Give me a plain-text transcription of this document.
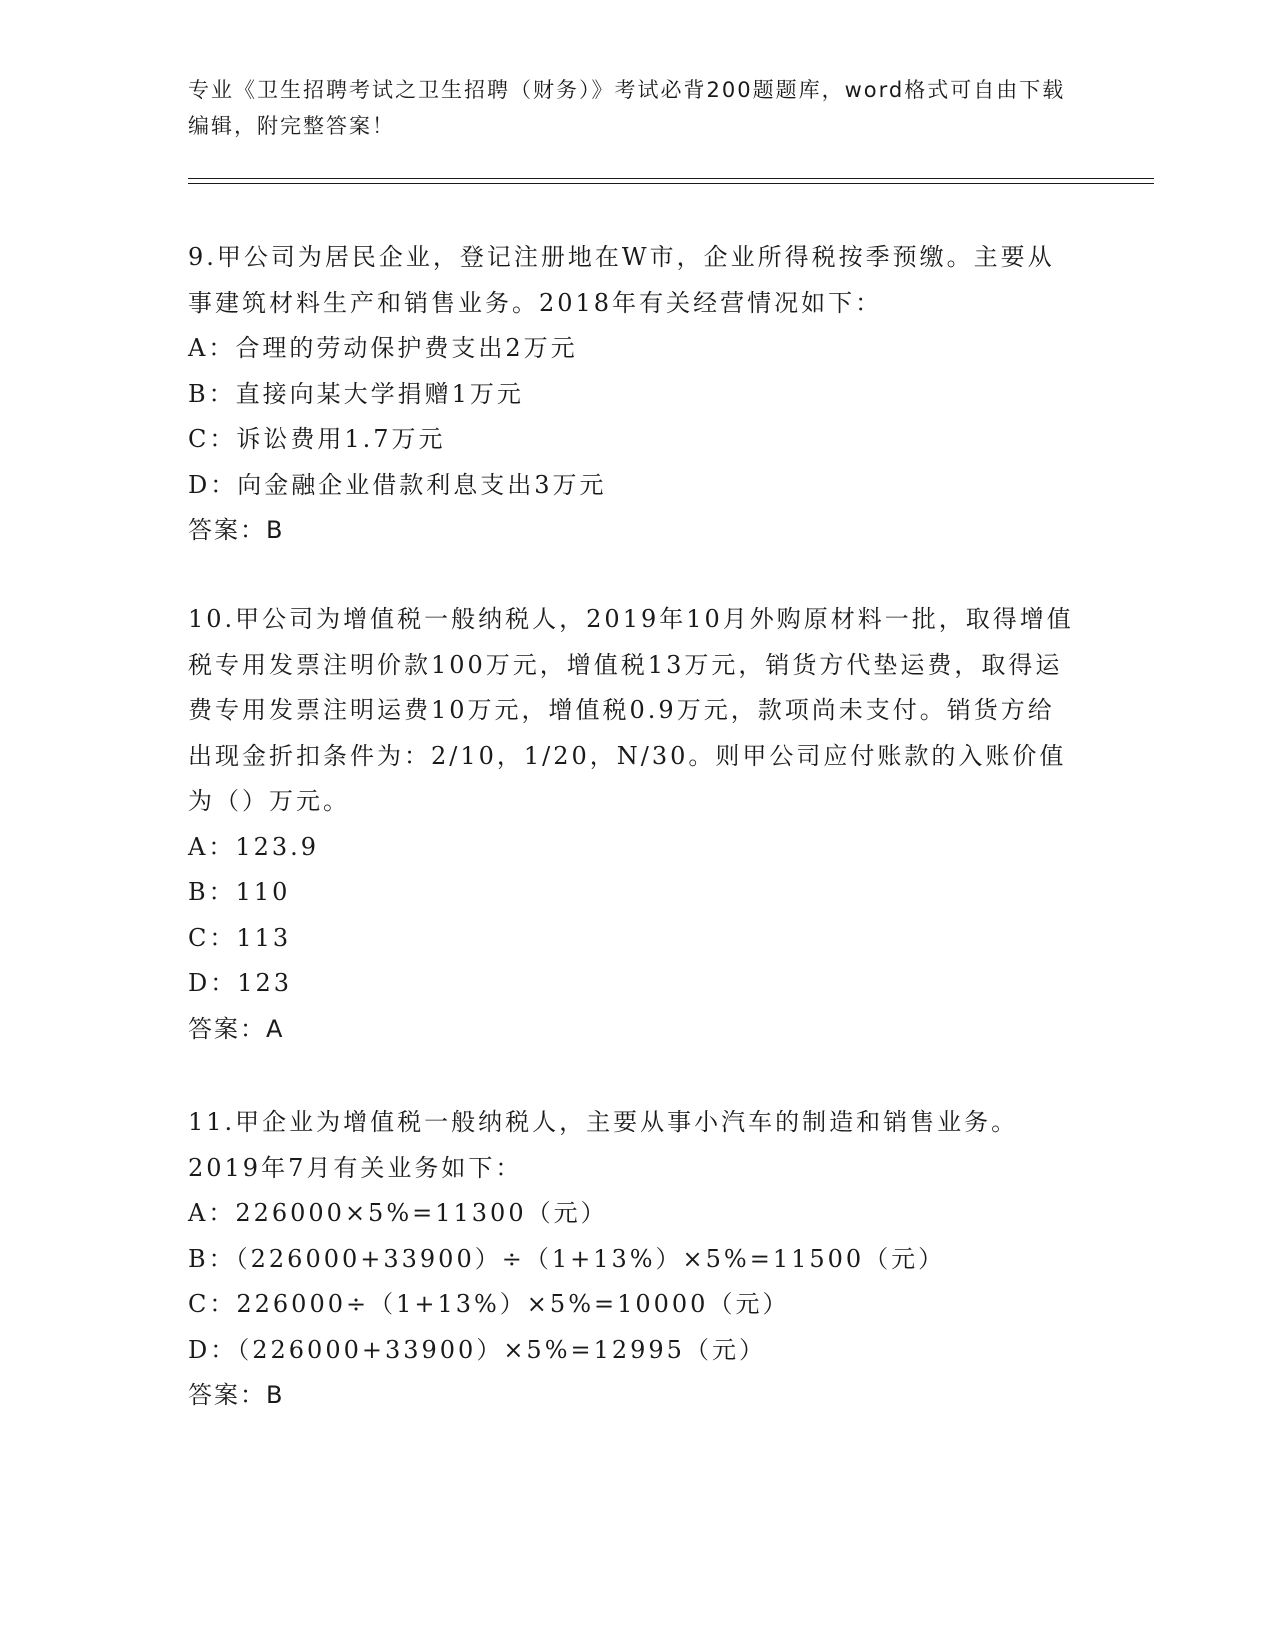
专业《卫生招聘考试之卫生招聘（财务）》考试必背200题题库，word格式可自由下载编辑，附完整答案！

9.甲公司为居民企业，登记注册地在W市，企业所得税按季预缴。主要从事建筑材料生产和销售业务。2018年有关经营情况如下：

A：合理的劳动保护费支出2万元

B：直接向某大学捐赠1万元

C：诉讼费用1.7万元

D：向金融企业借款利息支出3万元

答案：B

10.甲公司为增值税一般纳税人，2019年10月外购原材料一批，取得增值税专用发票注明价款100万元，增值税13万元，销货方代垫运费，取得运费专用发票注明运费10万元，增值税0.9万元，款项尚未支付。销货方给出现金折扣条件为：2/10，1/20，N/30。则甲公司应付账款的入账价值为（）万元。

A：123.9

B：110

C：113

D：123

答案：A

11.甲企业为增值税一般纳税人，主要从事小汽车的制造和销售业务。2019年7月有关业务如下：

A：226000×5%=11300（元）

B：（226000+33900）÷（1+13%）×5%=11500（元）

C：226000÷（1+13%）×5%=10000（元）

D：（226000+33900）×5%=12995（元）

答案：B
